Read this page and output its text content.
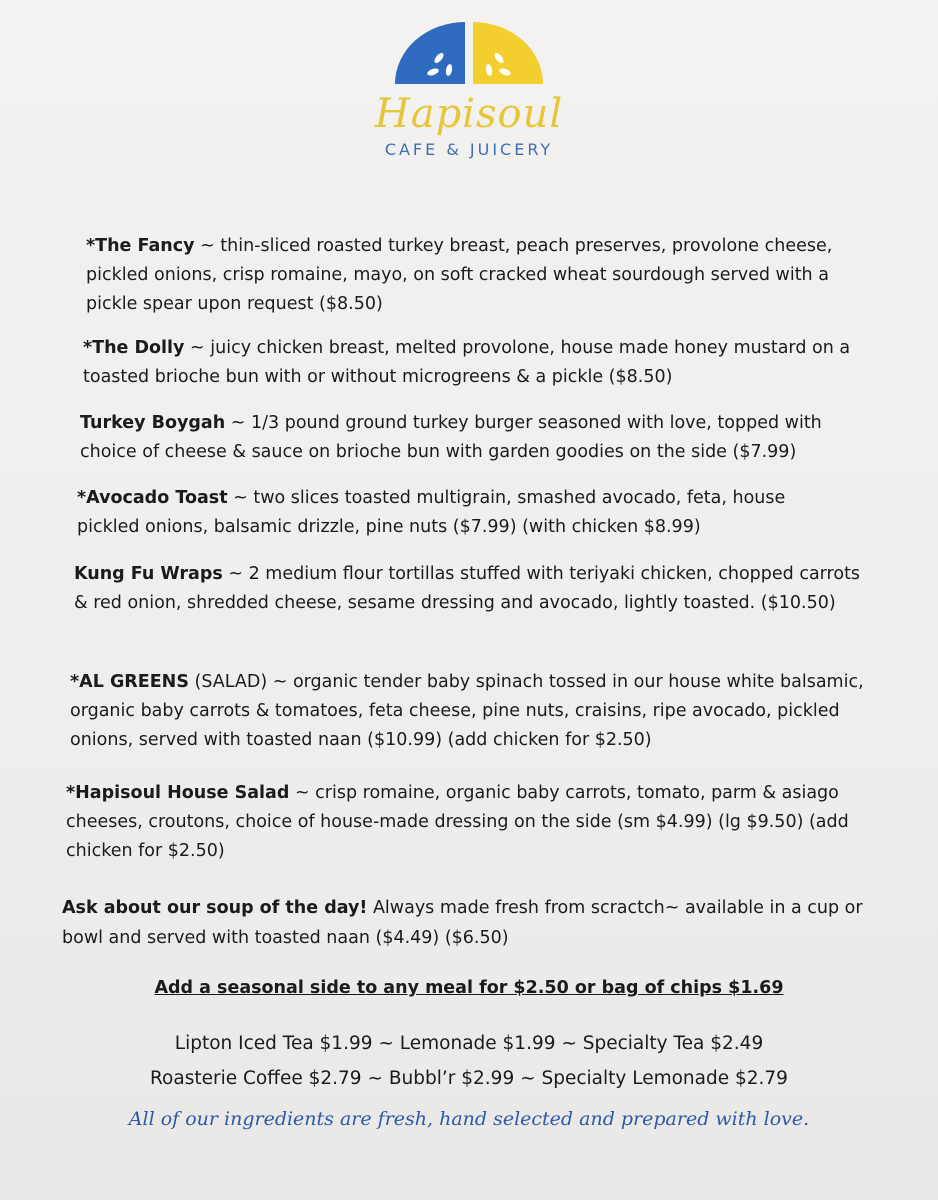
Hapisoul
CAFE & JUICERY
*The Fancy ~ thin-sliced roasted turkey breast, peach preserves, provolone cheese, pickled onions, crisp romaine, mayo, on soft cracked wheat sourdough served with a pickle spear upon request ($8.50)
*The Dolly ~ juicy chicken breast, melted provolone, house made honey mustard on a toasted brioche bun with or without microgreens & a pickle ($8.50)
Turkey Boygah ~ 1/3 pound ground turkey burger seasoned with love, topped with choice of cheese & sauce on brioche bun with garden goodies on the side ($7.99)
*Avocado Toast ~ two slices toasted multigrain, smashed avocado, feta, house pickled onions, balsamic drizzle, pine nuts ($7.99) (with chicken $8.99)
Kung Fu Wraps ~ 2 medium flour tortillas stuffed with teriyaki chicken, chopped carrots & red onion, shredded cheese, sesame dressing and avocado, lightly toasted. ($10.50)
*AL GREENS (SALAD) ~ organic tender baby spinach tossed in our house white balsamic, organic baby carrots & tomatoes, feta cheese, pine nuts, craisins, ripe avocado, pickled onions, served with toasted naan ($10.99) (add chicken for $2.50)
*Hapisoul House Salad ~ crisp romaine, organic baby carrots, tomato, parm & asiago cheeses, croutons, choice of house-made dressing on the side (sm $4.99) (lg $9.50) (add chicken for $2.50)
Ask about our soup of the day! Always made fresh from scractch~ available in a cup or bowl and served with toasted naan ($4.49) ($6.50)
Add a seasonal side to any meal for $2.50 or bag of chips $1.69
Lipton Iced Tea $1.99 ~ Lemonade $1.99 ~ Specialty Tea $2.49
Roasterie Coffee $2.79 ~ Bubbl’r $2.99 ~ Specialty Lemonade $2.79
All of our ingredients are fresh, hand selected and prepared with love.
